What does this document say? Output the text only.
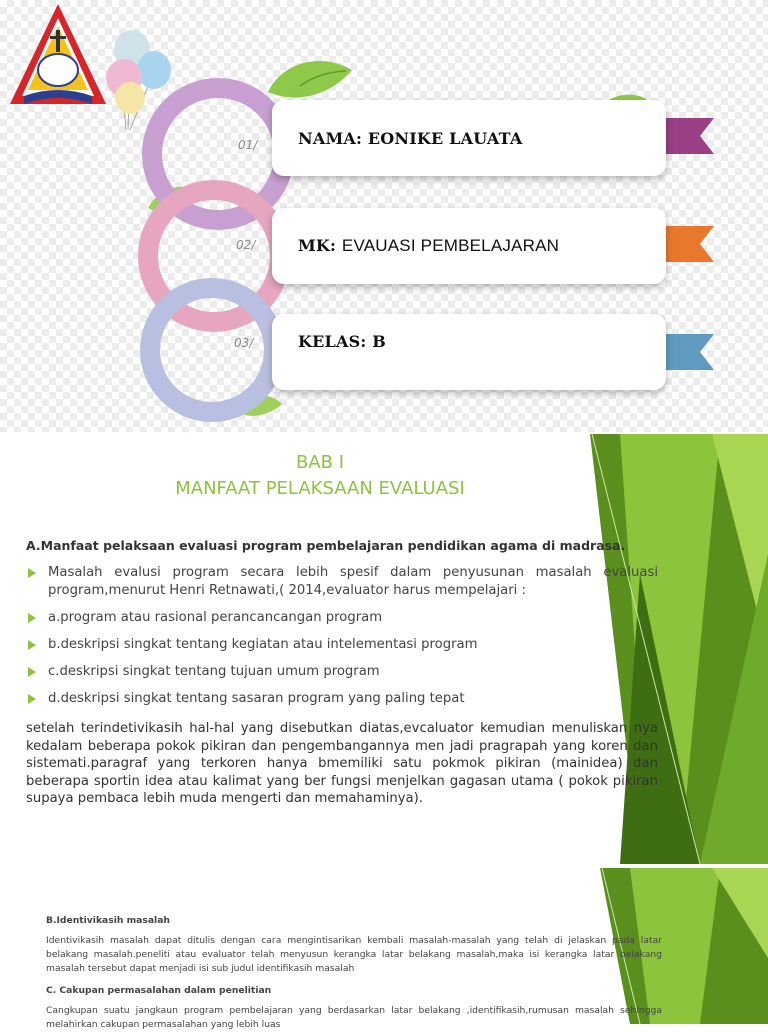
01/
02/
03/
NAMA: EONIKE LAUATA
MK: EVAUASI PEMBELAJARAN
KELAS: B
BAB I
MANFAAT PELAKSAAN EVALUASI
A.Manfaat pelaksaan evaluasi program pembelajaran pendidikan agama di madrasa.
Masalah evalusi program secara lebih spesif dalam penyusunan masalah evaluasi program,menurut Henri Retnawati,( 2014,evaluator harus mempelajari :
a.program atau rasional perancancangan program
b.deskripsi singkat tentang kegiatan atau intelementasi program
c.deskripsi singkat tentang tujuan umum program
d.deskripsi singkat tentang sasaran program yang paling tepat
setelah terindetivikasih hal-hal yang disebutkan diatas,evcaluator kemudian menuliskan nya kedalam beberapa pokok pikiran dan pengembangannya men jadi pragrapah yang koren dan sistemati.paragraf yang terkoren hanya bmemiliki satu pokmok pikiran (mainidea) dan beberapa sportin idea atau kalimat yang ber fungsi menjelkan gagasan utama ( pokok pikiran supaya pembaca lebih muda mengerti dan memahaminya).
B.Identivikasih masalah
Identivikasih masalah dapat ditulis dengan cara mengintisarikan kembali masalah-masalah yang telah di jelaskan pada latar belakang masalah.peneliti atau evaluator telah menyusun kerangka latar belakang masalah,maka isi kerangka latar belakang masalah tersebut dapat menjadi isi sub judul identifikasih masalah
C. Cakupan permasalahan dalam penelitian
Cangkupan suatu jangkaun program pembelajaran yang berdasarkan latar belakang ,identifikasih,rumusan masalah sehingga melahirkan cakupan permasalahan yang lebih luas
